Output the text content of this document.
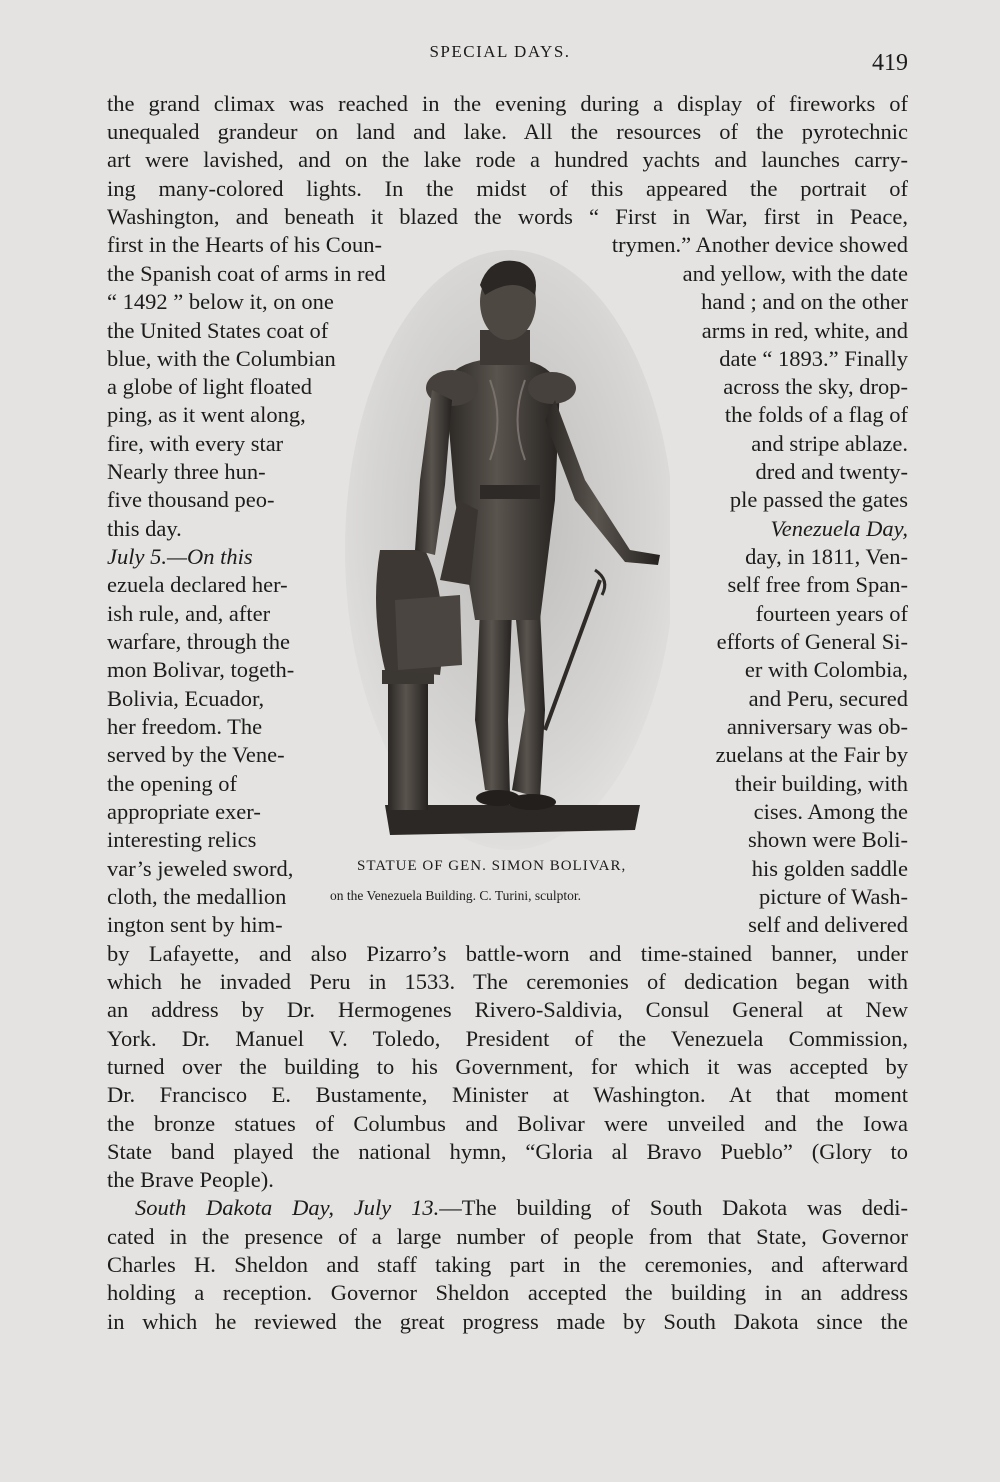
SPECIAL DAYS.	419
the grand climax was reached in the evening during a display of fireworks of
unequaled grandeur on land and lake. All the resources of the pyrotechnic
art were lavished, and on the lake rode a hundred yachts and launches carry-
ing many-colored lights. In the midst of this appeared the portrait of
Washington, and beneath it blazed the words “ First in War, first in Peace,
first in the Hearts of his Coun-
the Spanish coat of arms in red
“ 1492 ” below it, on one
the United States coat of
blue, with the Columbian
a globe of light floated
ping, as it went along,
fire, with every star
Nearly three hun-
five thousand peo-
this day.
July 5.—On this
ezuela declared her-
ish rule, and, after
warfare, through the
mon Bolivar, togeth-
Bolivia, Ecuador,
her freedom. The
served by the Vene-
the opening of
appropriate exer-
interesting relics
var’s jeweled sword,
cloth, the medallion
ington sent by him-
trymen.” Another device showed
and yellow, with the date
hand ; and on the other
arms in red, white, and
date “ 1893.” Finally
across the sky, drop-
the folds of a flag of
and stripe ablaze.
dred and twenty-
ple passed the gates
Venezuela Day,
day, in 1811, Ven-
self free from Span-
fourteen years of
efforts of General Si-
er with Colombia,
and Peru, secured
anniversary was ob-
zuelans at the Fair by
their building, with
cises. Among the
shown were Boli-
his golden saddle
picture of Wash-
self and delivered
STATUE OF GEN. SIMON BOLIVAR,
on the Venezuela Building. C. Turini, sculptor.
by Lafayette, and also Pizarro’s battle-worn and time-stained banner, under
which he invaded Peru in 1533. The ceremonies of dedication began with
an address by Dr. Hermogenes Rivero-Saldivia, Consul General at New
York. Dr. Manuel V. Toledo, President of the Venezuela Commission,
turned over the building to his Government, for which it was accepted by
Dr. Francisco E. Bustamente, Minister at Washington. At that moment
the bronze statues of Columbus and Bolivar were unveiled and the Iowa
State band played the national hymn, “Gloria al Bravo Pueblo” (Glory to
the Brave People).
South Dakota Day, July 13.—The building of South Dakota was dedi-
cated in the presence of a large number of people from that State, Governor
Charles H. Sheldon and staff taking part in the ceremonies, and afterward
holding a reception. Governor Sheldon accepted the building in an address
in which he reviewed the great progress made by South Dakota since the
